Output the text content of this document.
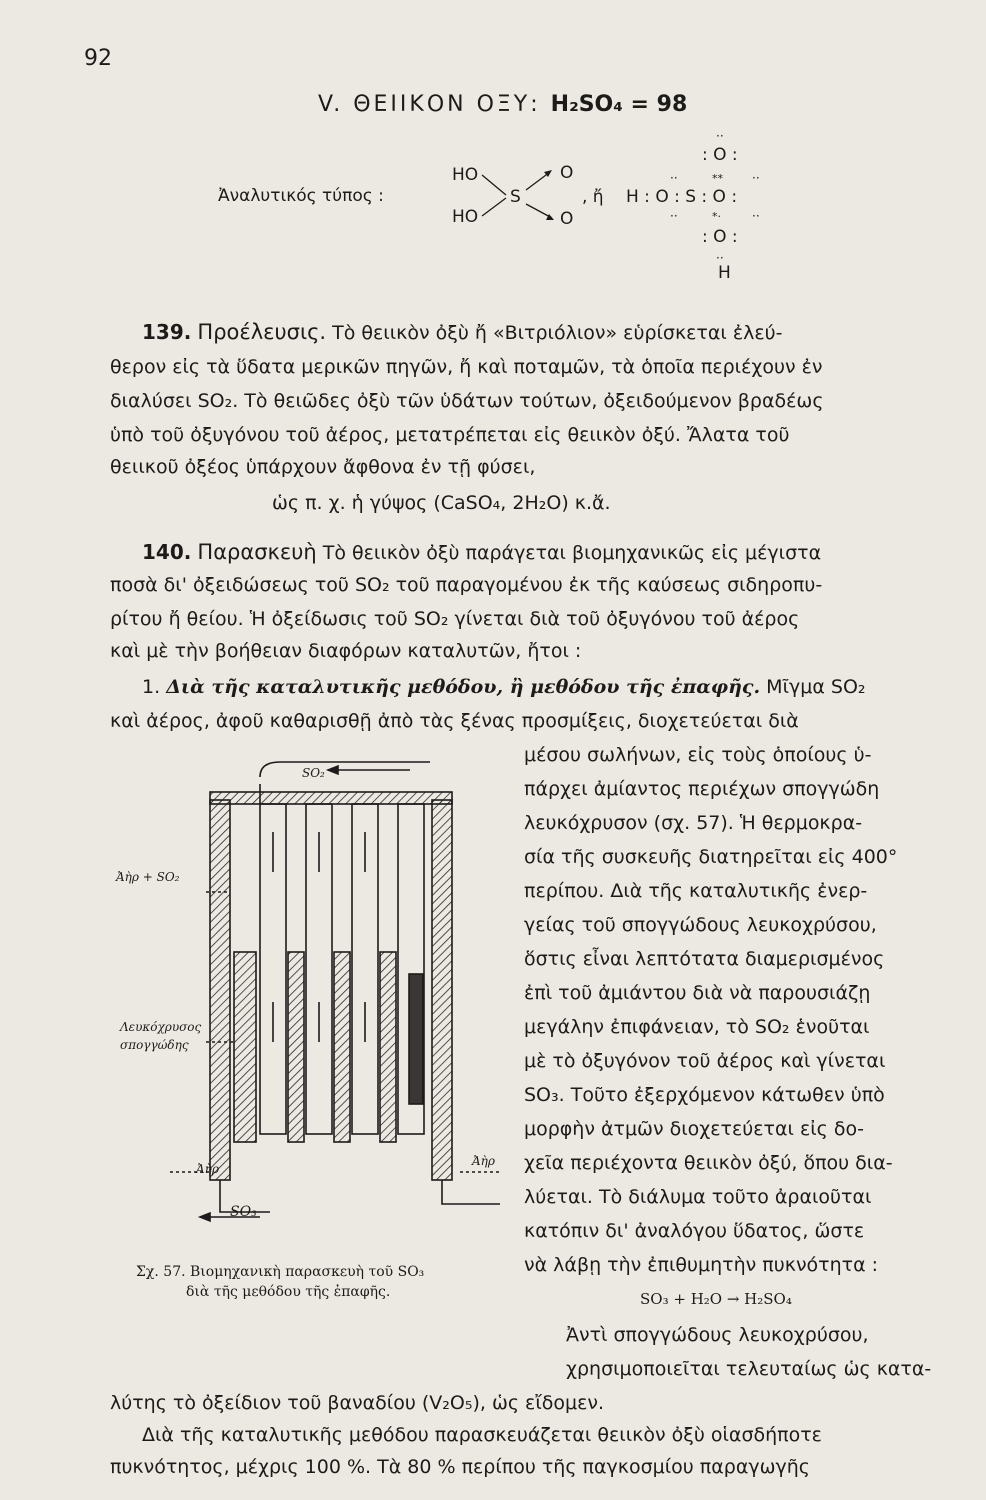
92
V. ΘΕΙΙΚΟΝ ΟΞΥ: H₂SO₄ = 98
Ἀναλυτικός τύπος :
HO
HO
S
O
O
, ἤ
: O :
H : O : S : O :
: O :
H
··
··	··
··	··
··
**
*·
139. Προέλευσις. Τὸ θειικὸν ὀξὺ ἤ «Βιτριόλιον» εὑρίσκεται ἐλεύ-
θερον εἰς τὰ ὕδατα μερικῶν πηγῶν, ἤ καὶ ποταμῶν, τὰ ὁποῖα περιέχουν ἐν
διαλύσει SO₂. Τὸ θειῶδες ὀξὺ τῶν ὑδάτων τούτων, ὀξειδούμενον βραδέως
ὑπὸ τοῦ ὀξυγόνου τοῦ ἀέρος, μετατρέπεται εἰς θειικὸν ὀξύ. Ἄλατα τοῦ
θειικοῦ ὀξέος ὑπάρχουν ἄφθονα ἐν τῇ φύσει,
ὡς π. χ. ἡ γύψος (CaSO₄, 2H₂O) κ.ἄ.
140. Παρασκευὴ Τὸ θειικὸν ὀξὺ παράγεται βιομηχανικῶς εἰς μέγιστα
ποσὰ δι' ὀξειδώσεως τοῦ SO₂ τοῦ παραγομένου ἐκ τῆς καύσεως σιδηροπυ-
ρίτου ἤ θείου. Ἡ ὀξείδωσις τοῦ SO₂ γίνεται διὰ τοῦ ὀξυγόνου τοῦ ἀέρος
καὶ μὲ τὴν βοήθειαν διαφόρων καταλυτῶν, ἤτοι :
1. Διὰ τῆς καταλυτικῆς μεθόδου, ἢ μεθόδου τῆς ἐπαφῆς. Μῖγμα SO₂
καὶ ἀέρος, ἀφοῦ καθαρισθῇ ἀπὸ τὰς ξένας προσμίξεις, διοχετεύεται διὰ
μέσου σωλήνων, εἰς τοὺς ὁποίους ὑ-
πάρχει ἀμίαντος περιέχων σπογγώδη
λευκόχρυσον (σχ. 57). Ἡ θερμοκρα-
σία τῆς συσκευῆς διατηρεῖται εἰς 400°
περίπου. Διὰ τῆς καταλυτικῆς ἐνερ-
γείας τοῦ σπογγώδους λευκοχρύσου,
ὅστις εἶναι λεπτότατα διαμερισμένος
ἐπὶ τοῦ ἀμιάντου διὰ νὰ παρουσιάζῃ
μεγάλην ἐπιφάνειαν, τὸ SO₂ ἑνοῦται
μὲ τὸ ὀξυγόνον τοῦ ἀέρος καὶ γίνεται
SO₃. Τοῦτο ἐξερχόμενον κάτωθεν ὑπὸ
μορφὴν ἀτμῶν διοχετεύεται εἰς δο-
χεῖα περιέχοντα θειικὸν ὀξύ, ὅπου δια-
λύεται. Τὸ διάλυμα τοῦτο ἀραιοῦται
κατόπιν δι' ἀναλόγου ὕδατος, ὥστε
νὰ λάβῃ τὴν ἐπιθυμητὴν πυκνότητα :
SO₃ + H₂O → H₂SO₄
Ἀντὶ σπογγώδους λευκοχρύσου,
χρησιμοποιεῖται τελευταίως ὡς κατα-
λύτης τὸ ὀξείδιον τοῦ βαναδίου (V₂O₅), ὡς εἴδομεν.
Διὰ τῆς καταλυτικῆς μεθόδου παρασκευάζεται θειικὸν ὀξὺ οἱασδήποτε
πυκνότητος, μέχρις 100 %. Τὰ 80 % περίπου τῆς παγκοσμίου παραγωγῆς
SO₂
Ἀὴρ + SO₂
Λευκόχρυσος
σπογγώδης
Ἀὴρ
Ἀὴρ
SO₃
Σχ. 57. Βιομηχανικὴ παρασκευὴ τοῦ SO₃
διὰ τῆς μεθόδου τῆς ἐπαφῆς.
